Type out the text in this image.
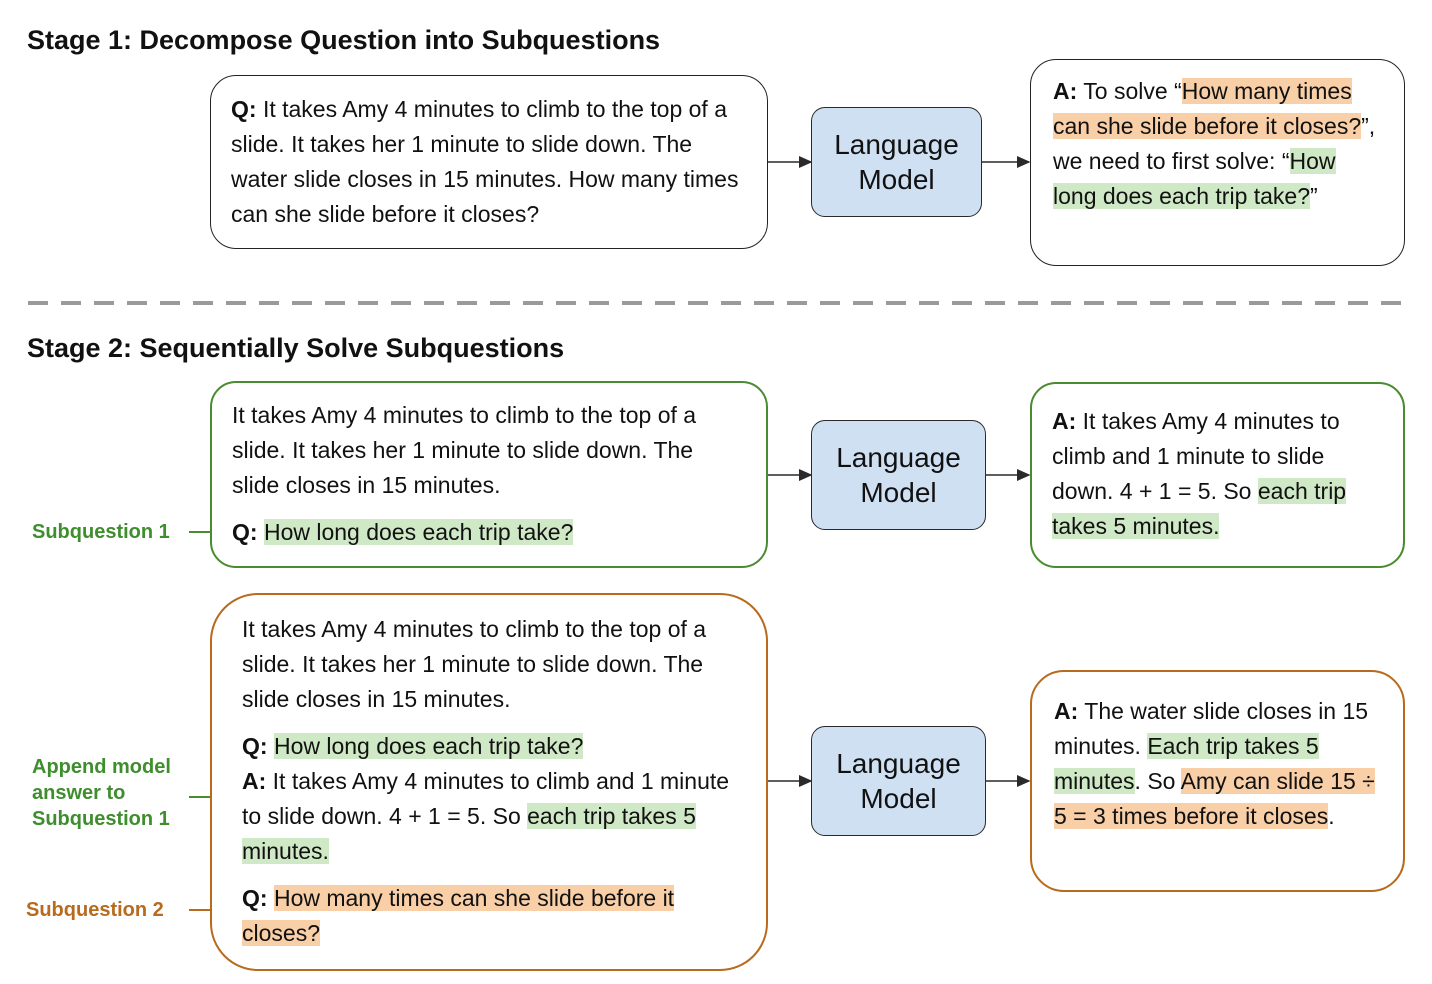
Stage 1: Decompose Question into Subquestions

Q: It takes Amy 4 minutes to climb to the top of a slide. It takes her 1 minute to slide down. The water slide closes in 15 minutes. How many times can she slide before it closes?

Language
Model

A: To solve “How many times can she slide before it closes?”, we need to first solve: “How long does each trip take?”

Stage 2: Sequentially Solve Subquestions
Subquestion 1

It takes Amy 4 minutes to climb to the top of a slide. It takes her 1 minute to slide down. The slide closes in 15 minutes.

Q: How long does each trip take?

Language
Model

A: It takes Amy 4 minutes to climb and 1 minute to slide down. 4 + 1 = 5. So each trip takes 5 minutes.

Append model answer to Subquestion 1
Subquestion 2

It takes Amy 4 minutes to climb to the top of a slide. It takes her 1 minute to slide down. The slide closes in 15 minutes.

Q: How long does each trip take?

A: It takes Amy 4 minutes to climb and 1 minute to slide down. 4 + 1 = 5. So each trip takes 5 minutes.

Q: How many times can she slide before it closes?

Language
Model

A: The water slide closes in 15 minutes. Each trip takes 5 minutes. So Amy can slide 15 ÷ 5 = 3 times before it closes.
